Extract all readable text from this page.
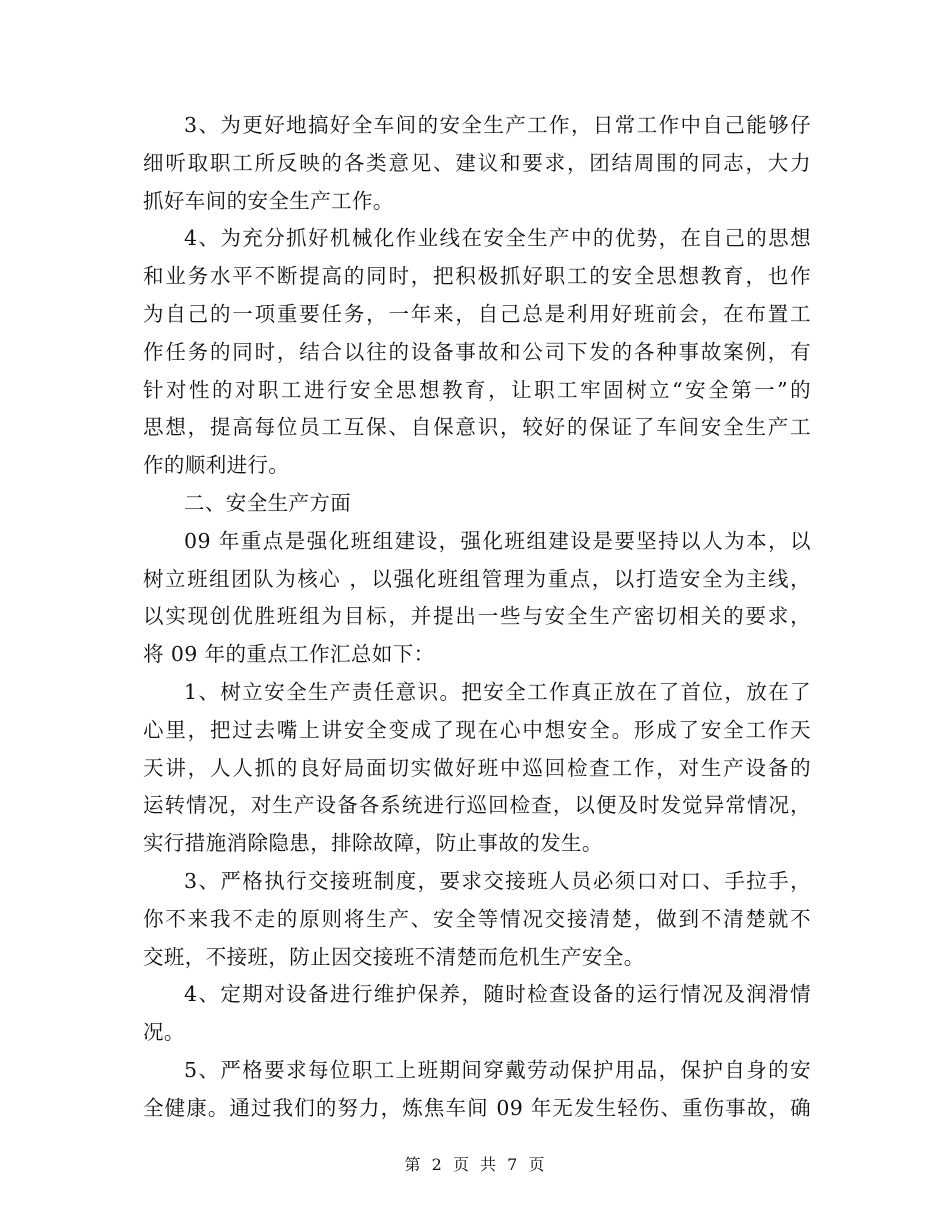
3、为更好地搞好全车间的安全生产工作，日常工作中自己能够仔
细听取职工所反映的各类意见、建议和要求，团结周围的同志，大力
抓好车间的安全生产工作。
4、为充分抓好机械化作业线在安全生产中的优势，在自己的思想
和业务水平不断提高的同时，把积极抓好职工的安全思想教育，也作
为自己的一项重要任务，一年来，自己总是利用好班前会，在布置工
作任务的同时，结合以往的设备事故和公司下发的各种事故案例，有
针对性的对职工进行安全思想教育，让职工牢固树立“安全第一”的
思想，提高每位员工互保、自保意识，较好的保证了车间安全生产工
作的顺利进行。
二、安全生产方面
09 年重点是强化班组建设，强化班组建设是要坚持以人为本，以
树立班组团队为核心 ，以强化班组管理为重点，以打造安全为主线，
以实现创优胜班组为目标，并提出一些与安全生产密切相关的要求，
将 09 年的重点工作汇总如下：
1、树立安全生产责任意识。把安全工作真正放在了首位，放在了
心里，把过去嘴上讲安全变成了现在心中想安全。形成了安全工作天
天讲，人人抓的良好局面切实做好班中巡回检查工作，对生产设备的
运转情况，对生产设备各系统进行巡回检查，以便及时发觉异常情况，
实行措施消除隐患，排除故障，防止事故的发生。
3、严格执行交接班制度，要求交接班人员必须口对口、手拉手，
你不来我不走的原则将生产、安全等情况交接清楚，做到不清楚就不
交班，不接班，防止因交接班不清楚而危机生产安全。
4、定期对设备进行维护保养，随时检查设备的运行情况及润滑情
况。
5、严格要求每位职工上班期间穿戴劳动保护用品，保护自身的安
全健康。通过我们的努力，炼焦车间 09 年无发生轻伤、重伤事故，确
第 2 页 共 7 页
